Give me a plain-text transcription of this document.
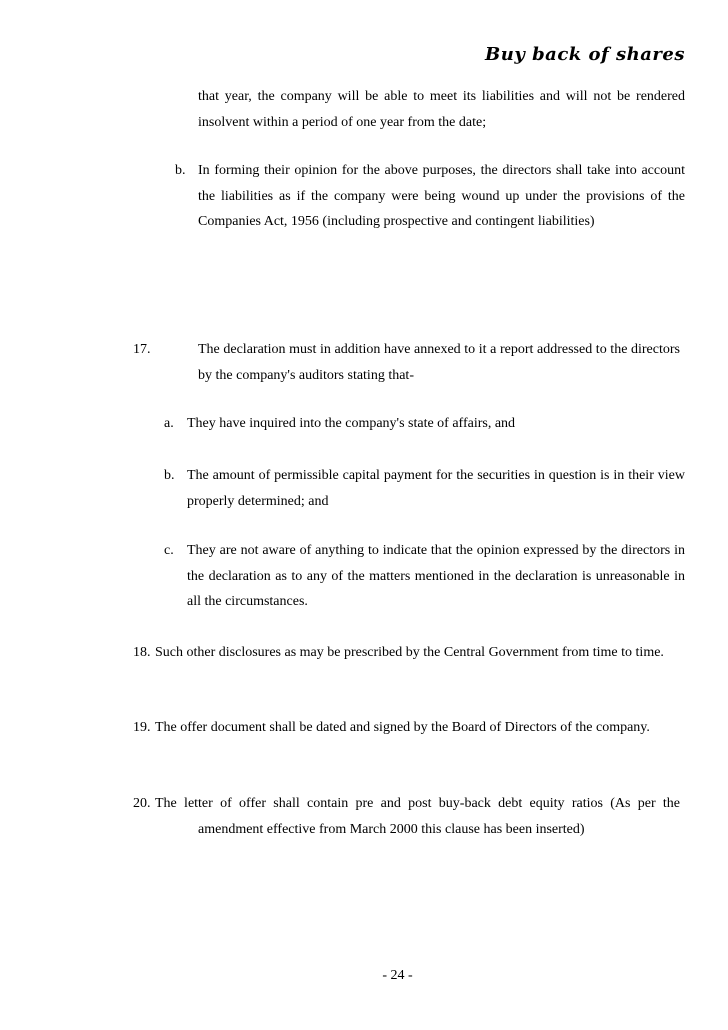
Buy back of shares
that year, the company will be able to meet its liabilities and will not be rendered insolvent within a period of one year from the date;
b. In forming their opinion for the above purposes, the directors shall take into account the liabilities as if the company were being wound up under the provisions of the Companies Act, 1956 (including prospective and contingent liabilities)
17.	The declaration must in addition have annexed to it a report addressed to the directors by the company's auditors stating that-
a. They have inquired into the company's state of affairs, and
b. The amount of permissible capital payment for the securities in question is in their view properly determined; and
c. They are not aware of anything to indicate that the opinion expressed by the directors in the declaration as to any of the matters mentioned in the declaration is unreasonable in all the circumstances.
18. Such other disclosures as may be prescribed by the Central Government from time to time.
19. The offer document shall be dated and signed by the Board of Directors of the company.
20. The letter of offer shall contain pre and post buy-back debt equity ratios (As per the amendment effective from March 2000 this clause has been inserted)
- 24 -
